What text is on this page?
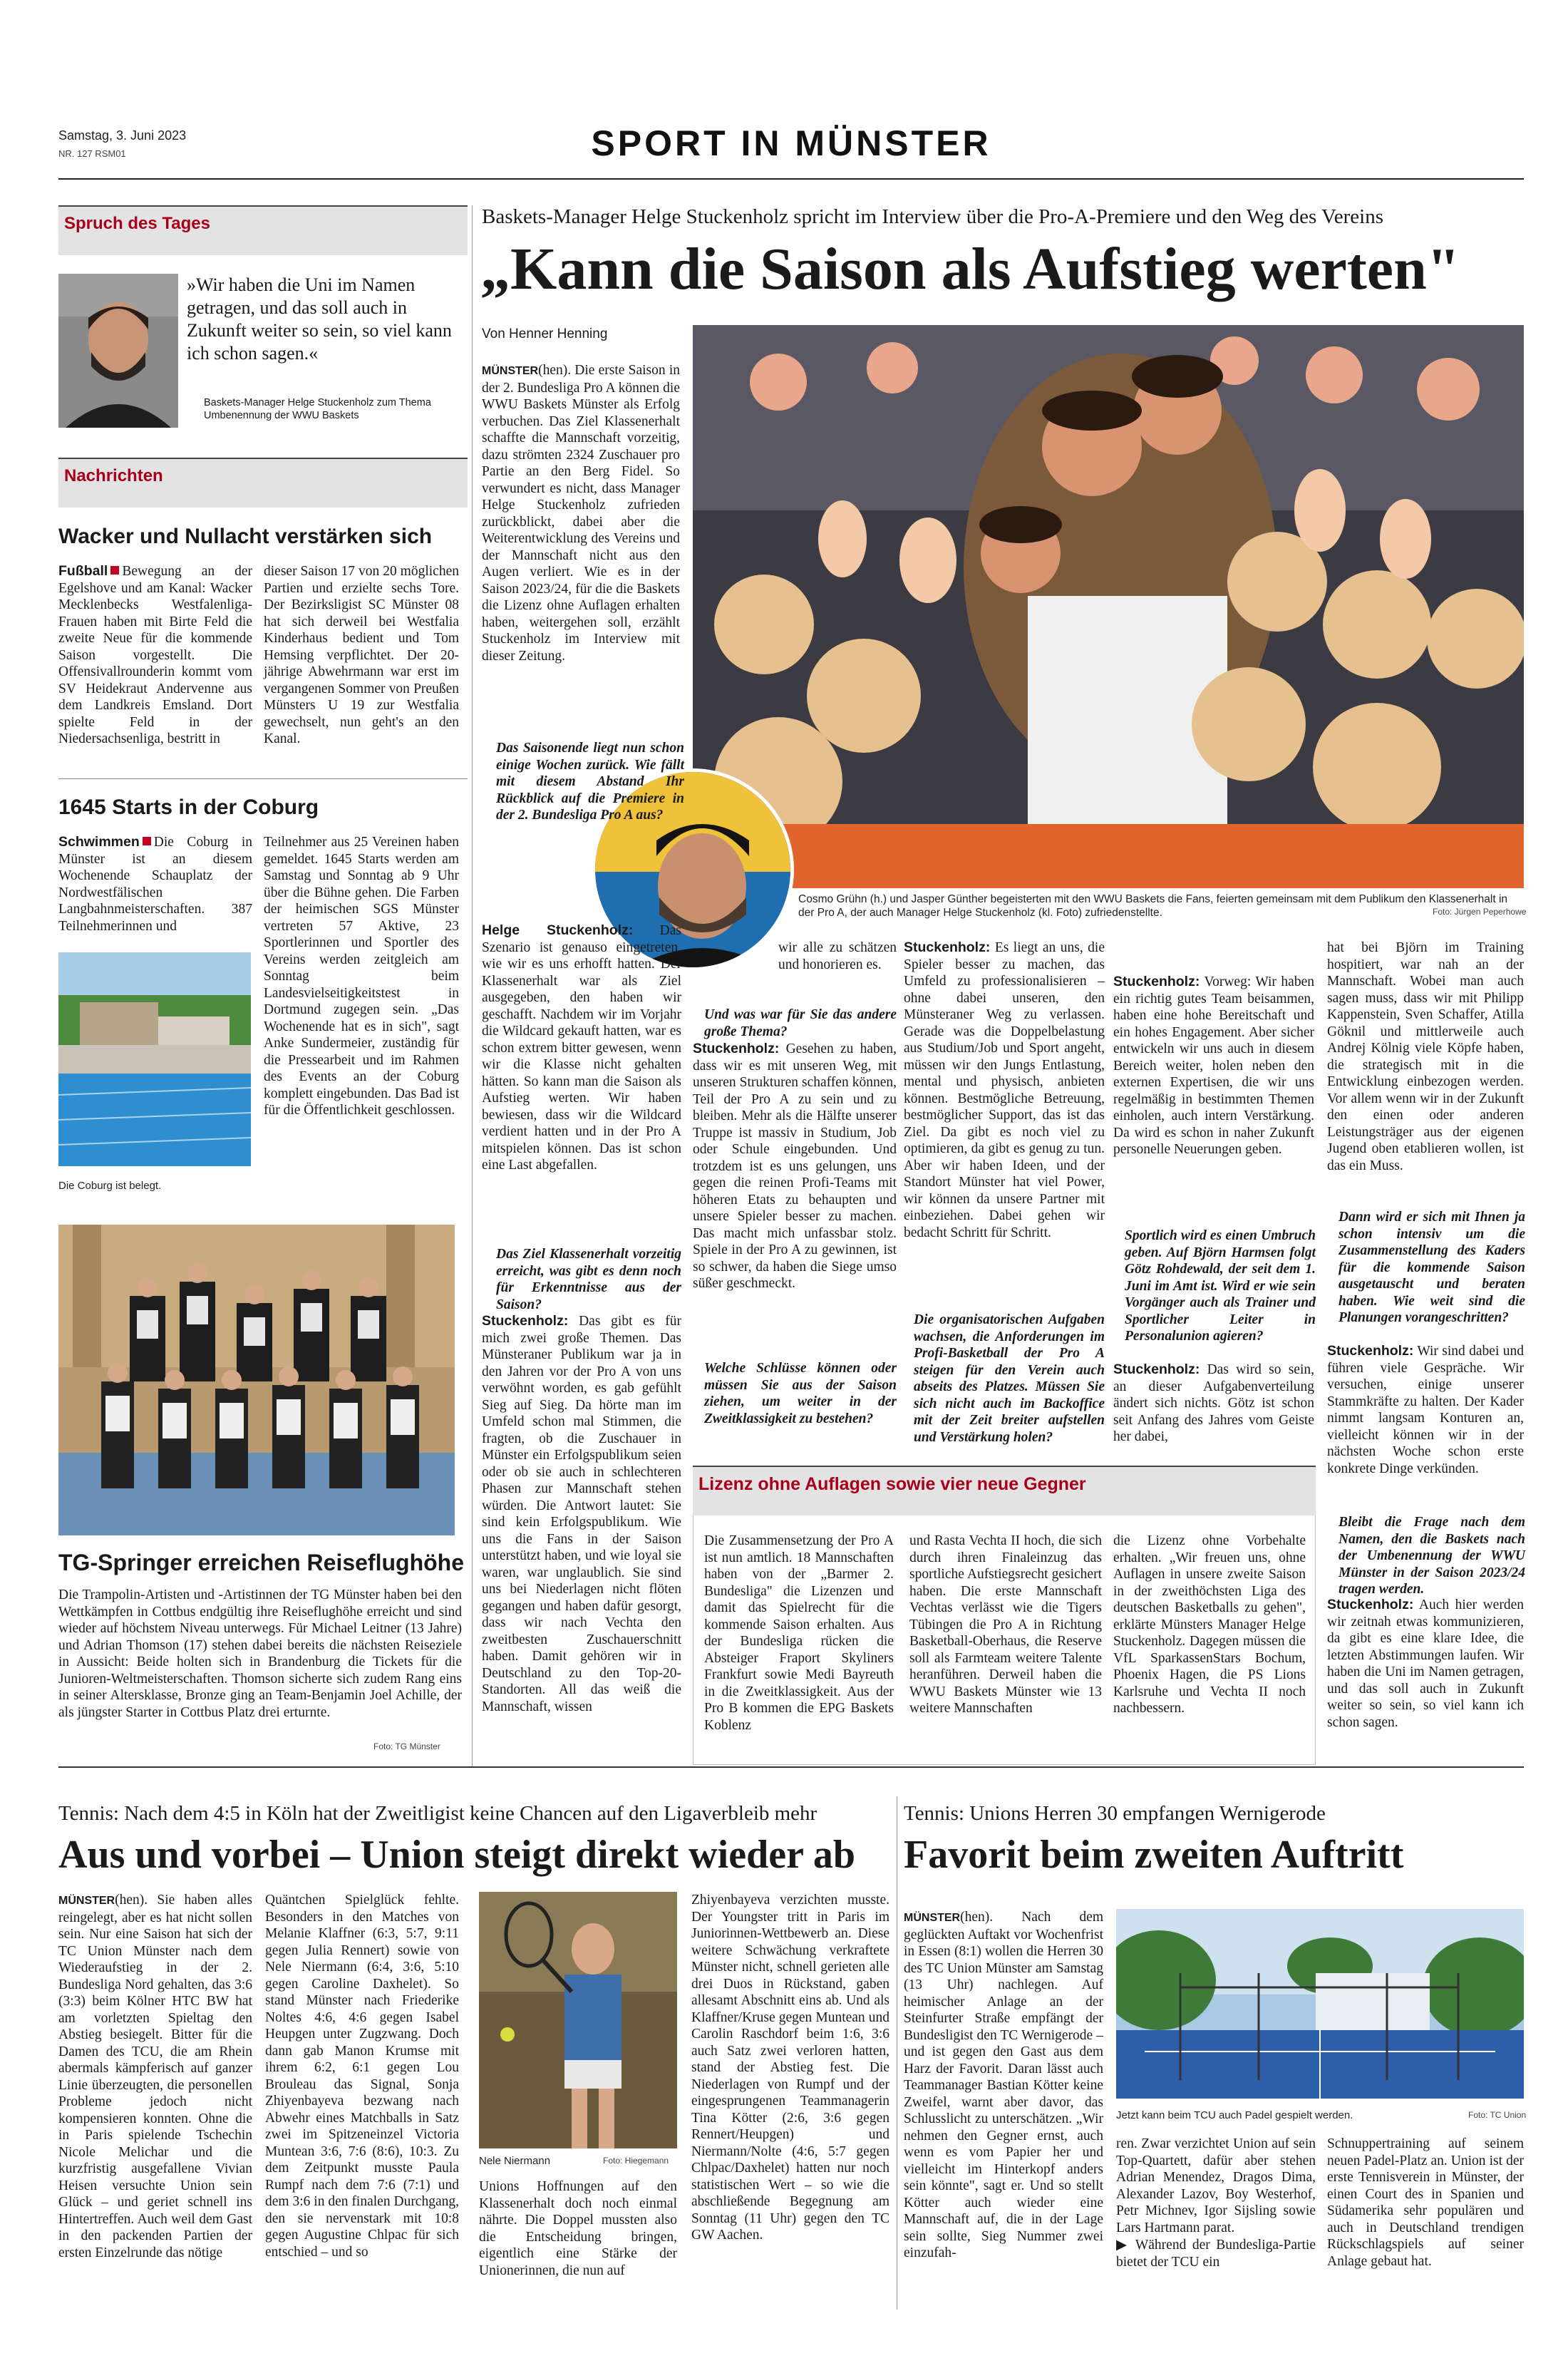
Samstag, 3. Juni 2023
NR. 127 RSM01	SPORT IN MÜNSTER
Spruch des Tages
»Wir haben die Uni im Namen getragen, und das soll auch in Zukunft weiter so sein, so viel kann ich schon sagen.«
Baskets-Manager Helge Stuckenholz zum Thema Umbenennung der WWU Baskets
Nachrichten
Wacker und Nullacht verstärken sich
Fußball Bewegung an der Egelshove und am Kanal: Wacker Mecklenbecks Westfalenliga-Frauen haben mit Birte Feld die zweite Neue für die kommende Saison vorgestellt. Die Offensivallrounderin kommt vom SV Heidekraut Andervenne aus dem Landkreis Emsland. Dort spielte Feld in der Niedersachsenliga, bestritt in
dieser Saison 17 von 20 möglichen Partien und erzielte sechs Tore. Der Bezirksligist SC Münster 08 hat sich derweil bei Westfalia Kinderhaus bedient und Tom Hemsing verpflichtet. Der 20-jährige Abwehrmann war erst im vergangenen Sommer von Preußen Münsters U 19 zur Westfalia gewechselt, nun geht's an den Kanal.
1645 Starts in der Coburg
Schwimmen Die Coburg in Münster ist an diesem Wochenende Schauplatz der Nordwestfälischen Langbahnmeisterschaften. 387 Teilnehmerinnen und
Die Coburg ist belegt.
Teilnehmer aus 25 Vereinen haben gemeldet. 1645 Starts werden am Samstag und Sonntag ab 9 Uhr über die Bühne gehen. Die Farben der heimischen SGS Münster vertreten 57 Aktive, 23 Sportlerinnen und Sportler des Vereins werden zeitgleich am Sonntag beim Landesvielseitigkeitstest in Dortmund zugegen sein. „Das Wochenende hat es in sich", sagt Anke Sundermeier, zuständig für die Pressearbeit und im Rahmen des Events an der Coburg komplett eingebunden. Das Bad ist für die Öffentlichkeit geschlossen.
TG-Springer erreichen Reiseflughöhe
Die Trampolin-Artisten und -Artistinnen der TG Münster haben bei den Wettkämpfen in Cottbus endgültig ihre Reiseflughöhe erreicht und sind wieder auf höchstem Niveau unterwegs. Für Michael Leitner (13 Jahre) und Adrian Thomson (17) stehen dabei bereits die nächsten Reiseziele in Aussicht: Beide holten sich in Brandenburg die Tickets für die Junioren-Weltmeisterschaften. Thomson sicherte sich zudem Rang eins in seiner Altersklasse, Bronze ging an Team-Benjamin Joel Achille, der als jüngster Starter in Cottbus Platz drei erturnte.
Foto: TG Münster
Baskets-Manager Helge Stuckenholz spricht im Interview über die Pro-A-Premiere und den Weg des Vereins
„Kann die Saison als Aufstieg werten"
Von Henner Henning
MÜNSTER(hen). Die erste Saison in der 2. Bundesliga Pro A können die WWU Baskets Münster als Erfolg verbuchen. Das Ziel Klassenerhalt schaffte die Mannschaft vorzeitig, dazu strömten 2324 Zuschauer pro Partie an den Berg Fidel. So verwundert es nicht, dass Manager Helge Stuckenholz zufrieden zurückblickt, dabei aber die Weiterentwicklung des Vereins und der Mannschaft nicht aus den Augen verliert. Wie es in der Saison 2023/24, für die die Baskets die Lizenz ohne Auflagen erhalten haben, weitergehen soll, erzählt Stuckenholz im Interview mit dieser Zeitung.
Das Saisonende liegt nun schon einige Wochen zurück. Wie fällt mit diesem Abstand Ihr Rückblick auf die Premiere in der 2. Bundesliga Pro A aus?
Helge Stuckenholz: Das Szenario ist genauso eingetreten, wie wir es uns erhofft hatten. Der Klassenerhalt war als Ziel ausgegeben, den haben wir geschafft. Nachdem wir im Vorjahr die Wildcard gekauft hatten, war es schon extrem bitter gewesen, wenn wir die Klasse nicht gehalten hätten. So kann man die Saison als Aufstieg werten. Wir haben bewiesen, dass wir die Wildcard verdient hatten und in der Pro A mitspielen können. Das ist schon eine Last abgefallen.
Das Ziel Klassenerhalt vorzeitig erreicht, was gibt es denn noch für Erkenntnisse aus der Saison?
Stuckenholz: Das gibt es für mich zwei große Themen. Das Münsteraner Publikum war ja in den Jahren vor der Pro A von uns verwöhnt worden, es gab gefühlt Sieg auf Sieg. Da hörte man im Umfeld schon mal Stimmen, die fragten, ob die Zuschauer in Münster ein Erfolgspublikum seien oder ob sie auch in schlechteren Phasen zur Mannschaft stehen würden. Die Antwort lautet: Sie sind kein Erfolgspublikum. Wie uns die Fans in der Saison unterstützt haben, und wie loyal sie waren, war unglaublich. Sie sind uns bei Niederlagen nicht flöten gegangen und haben dafür gesorgt, dass wir nach Vechta den zweitbesten Zuschauerschnitt haben. Damit gehören wir in Deutschland zu den Top-20-Standorten. All das weiß die Mannschaft, wissen
Cosmo Grühn (h.) und Jasper Günther begeisterten mit den WWU Baskets die Fans, feierten gemeinsam mit dem Publikum den Klassenerhalt in der Pro A, der auch Manager Helge Stuckenholz (kl. Foto) zufriedenstellte.	Foto: Jürgen Peperhowe
wir alle zu schätzen und honorieren es.
Und was war für Sie das andere große Thema?
Stuckenholz: Gesehen zu haben, dass wir es mit unseren Weg, mit unseren Strukturen schaffen können, Teil der Pro A zu sein und zu bleiben. Mehr als die Hälfte unserer Truppe ist massiv in Studium, Job oder Schule eingebunden. Und trotzdem ist es uns gelungen, uns gegen die reinen Profi-Teams mit höheren Etats zu behaupten und unsere Spieler besser zu machen. Das macht mich unfassbar stolz. Spiele in der Pro A zu gewinnen, ist so schwer, da haben die Siege umso süßer geschmeckt.
Welche Schlüsse können oder müssen Sie aus der Saison ziehen, um weiter in der Zweitklassigkeit zu bestehen?
Stuckenholz: Es liegt an uns, die Spieler besser zu machen, das Umfeld zu professionalisieren – ohne dabei unseren, den Münsteraner Weg zu verlassen. Gerade was die Doppelbelastung aus Studium/Job und Sport angeht, müssen wir den Jungs Entlastung, mental und physisch, anbieten können. Bestmögliche Betreuung, bestmöglicher Support, das ist das Ziel. Da gibt es noch viel zu optimieren, da gibt es genug zu tun. Aber wir haben Ideen, und der Standort Münster hat viel Power, wir können da unsere Partner mit einbeziehen. Dabei gehen wir bedacht Schritt für Schritt.
Die organisatorischen Aufgaben wachsen, die Anforderungen im Profi-Basketball der Pro A steigen für den Verein auch abseits des Platzes. Müssen Sie sich nicht auch im Backoffice mit der Zeit breiter aufstellen und Verstärkung holen?
Stuckenholz: Vorweg: Wir haben ein richtig gutes Team beisammen, haben eine hohe Bereitschaft und ein hohes Engagement. Aber sicher entwickeln wir uns auch in diesem Bereich weiter, holen neben den externen Expertisen, die wir uns regelmäßig in bestimmten Themen einholen, auch intern Verstärkung. Da wird es schon in naher Zukunft personelle Neuerungen geben.
Sportlich wird es einen Umbruch geben. Auf Björn Harmsen folgt Götz Rohdewald, der seit dem 1. Juni im Amt ist. Wird er wie sein Vorgänger auch als Trainer und Sportlicher Leiter in Personalunion agieren?
Stuckenholz: Das wird so sein, an dieser Aufgabenverteilung ändert sich nichts. Götz ist schon seit Anfang des Jahres vom Geiste her dabei,
hat bei Björn im Training hospitiert, war nah an der Mannschaft. Wobei man auch sagen muss, dass wir mit Philipp Kappenstein, Sven Schaffer, Atilla Göknil und mittlerweile auch Andrej Kölnig viele Köpfe haben, die strategisch mit in die Entwicklung einbezogen werden. Vor allem wenn wir in der Zukunft den einen oder anderen Leistungsträger aus der eigenen Jugend oben etablieren wollen, ist das ein Muss.
Dann wird er sich mit Ihnen ja schon intensiv um die Zusammenstellung des Kaders für die kommende Saison ausgetauscht und beraten haben. Wie weit sind die Planungen vorangeschritten?
Stuckenholz: Wir sind dabei und führen viele Gespräche. Wir versuchen, einige unserer Stammkräfte zu halten. Der Kader nimmt langsam Konturen an, vielleicht können wir in der nächsten Woche schon erste konkrete Dinge verkünden.
Bleibt die Frage nach dem Namen, den die Baskets nach der Umbenennung der WWU Münster in der Saison 2023/24 tragen werden.
Stuckenholz: Auch hier werden wir zeitnah etwas kommunizieren, da gibt es eine klare Idee, die letzten Abstimmungen laufen. Wir haben die Uni im Namen getragen, und das soll auch in Zukunft weiter so sein, so viel kann ich schon sagen.
Lizenz ohne Auflagen sowie vier neue Gegner
Die Zusammensetzung der Pro A ist nun amtlich. 18 Mannschaften haben von der „Barmer 2. Bundesliga" die Lizenzen und damit das Spielrecht für die kommende Saison erhalten. Aus der Bundesliga rücken die Absteiger Fraport Skyliners Frankfurt sowie Medi Bayreuth in die Zweitklassigkeit. Aus der Pro B kommen die EPG Baskets Koblenz
und Rasta Vechta II hoch, die sich durch ihren Finaleinzug das sportliche Aufstiegsrecht gesichert haben. Die erste Mannschaft Vechtas verlässt wie die Tigers Tübingen die Pro A in Richtung Basketball-Oberhaus, die Reserve soll als Farmteam weitere Talente heranführen. Derweil haben die WWU Baskets Münster wie 13 weitere Mannschaften
die Lizenz ohne Vorbehalte erhalten. „Wir freuen uns, ohne Auflagen in unsere zweite Saison in der zweithöchsten Liga des deutschen Basketballs zu gehen", erklärte Münsters Manager Helge Stuckenholz. Dagegen müssen die VfL SparkassenStars Bochum, Phoenix Hagen, die PS Lions Karlsruhe und Vechta II noch nachbessern.
Tennis: Nach dem 4:5 in Köln hat der Zweitligist keine Chancen auf den Ligaverbleib mehr
Aus und vorbei – Union steigt direkt wieder ab
MÜNSTER(hen). Sie haben alles reingelegt, aber es hat nicht sollen sein. Nur eine Saison hat sich der TC Union Münster nach dem Wiederaufstieg in der 2. Bundesliga Nord gehalten, das 3:6 (3:3) beim Kölner HTC BW hat am vorletzten Spieltag den Abstieg besiegelt. Bitter für die Damen des TCU, die am Rhein abermals kämpferisch auf ganzer Linie überzeugten, die personellen Probleme jedoch nicht kompensieren konnten. Ohne die in Paris spielende Tschechin Nicole Melichar und die kurzfristig ausgefallene Vivian Heisen versuchte Union sein Glück – und geriet schnell ins Hintertreffen. Auch weil dem Gast in den packenden Partien der ersten Einzelrunde das nötige
Quäntchen Spielglück fehlte. Besonders in den Matches von Melanie Klaffner (6:3, 5:7, 9:11 gegen Julia Rennert) sowie von Nele Niermann (6:4, 3:6, 5:10 gegen Caroline Daxhelet). So stand Münster nach Friederike Noltes 4:6, 4:6 gegen Isabel Heupgen unter Zugzwang. Doch dann gab Manon Krumse mit ihrem 6:2, 6:1 gegen Lou Brouleau das Signal, Sonja Zhiyenbayeva bezwang nach Abwehr eines Matchballs in Satz zwei im Spitzeneinzel Victoria Muntean 3:6, 7:6 (8:6), 10:3. Zu dem Zeitpunkt musste Paula Rumpf nach dem 7:6 (7:1) und dem 3:6 in den finalen Durchgang, den sie nervenstark mit 10:8 gegen Augustine Chlpac für sich entschied – und so
Nele Niermann	Foto: Hiegemann
Unions Hoffnungen auf den Klassenerhalt doch noch einmal nährte. Die Doppel mussten also die Entscheidung bringen, eigentlich eine Stärke der Unionerinnen, die nun auf
Zhiyenbayeva verzichten musste. Der Youngster tritt in Paris im Juniorinnen-Wettbewerb an. Diese weitere Schwächung verkraftete Münster nicht, schnell gerieten alle drei Duos in Rückstand, gaben allesamt Abschnitt eins ab. Und als Klaffner/Kruse gegen Muntean und Carolin Raschdorf beim 1:6, 3:6 auch Satz zwei verloren hatten, stand der Abstieg fest. Die Niederlagen von Rumpf und der eingesprungenen Teammanagerin Tina Kötter (2:6, 3:6 gegen Rennert/Heupgen) und Niermann/Nolte (4:6, 5:7 gegen Chlpac/Daxhelet) hatten nur noch statistischen Wert – so wie die abschließende Begegnung am Sonntag (11 Uhr) gegen den TC GW Aachen.
Tennis: Unions Herren 30 empfangen Wernigerode
Favorit beim zweiten Auftritt
MÜNSTER(hen). Nach dem geglückten Auftakt vor Wochenfrist in Essen (8:1) wollen die Herren 30 des TC Union Münster am Samstag (13 Uhr) nachlegen. Auf heimischer Anlage an der Steinfurter Straße empfängt der Bundesligist den TC Wernigerode – und ist gegen den Gast aus dem Harz der Favorit. Daran lässt auch Teammanager Bastian Kötter keine Zweifel, warnt aber davor, das Schlusslicht zu unterschätzen. „Wir nehmen den Gegner ernst, auch wenn es vom Papier her und vielleicht im Hinterkopf anders sein könnte", sagt er. Und so stellt Kötter auch wieder eine Mannschaft auf, die in der Lage sein sollte, Sieg Nummer zwei einzufah-
Jetzt kann beim TCU auch Padel gespielt werden.	Foto: TC Union
ren. Zwar verzichtet Union auf sein Top-Quartett, dafür aber stehen Adrian Menendez, Dragos Dima, Alexander Lazov, Boy Westerhof, Petr Michnev, Igor Sijsling sowie Lars Hartmann parat.
▶ Während der Bundesliga-Partie bietet der TCU ein
Schnuppertraining auf seinem neuen Padel-Platz an. Union ist der erste Tennisverein in Münster, der einen Court des in Spanien und Südamerika sehr populären und auch in Deutschland trendigen Rückschlagspiels auf seiner Anlage gebaut hat.
